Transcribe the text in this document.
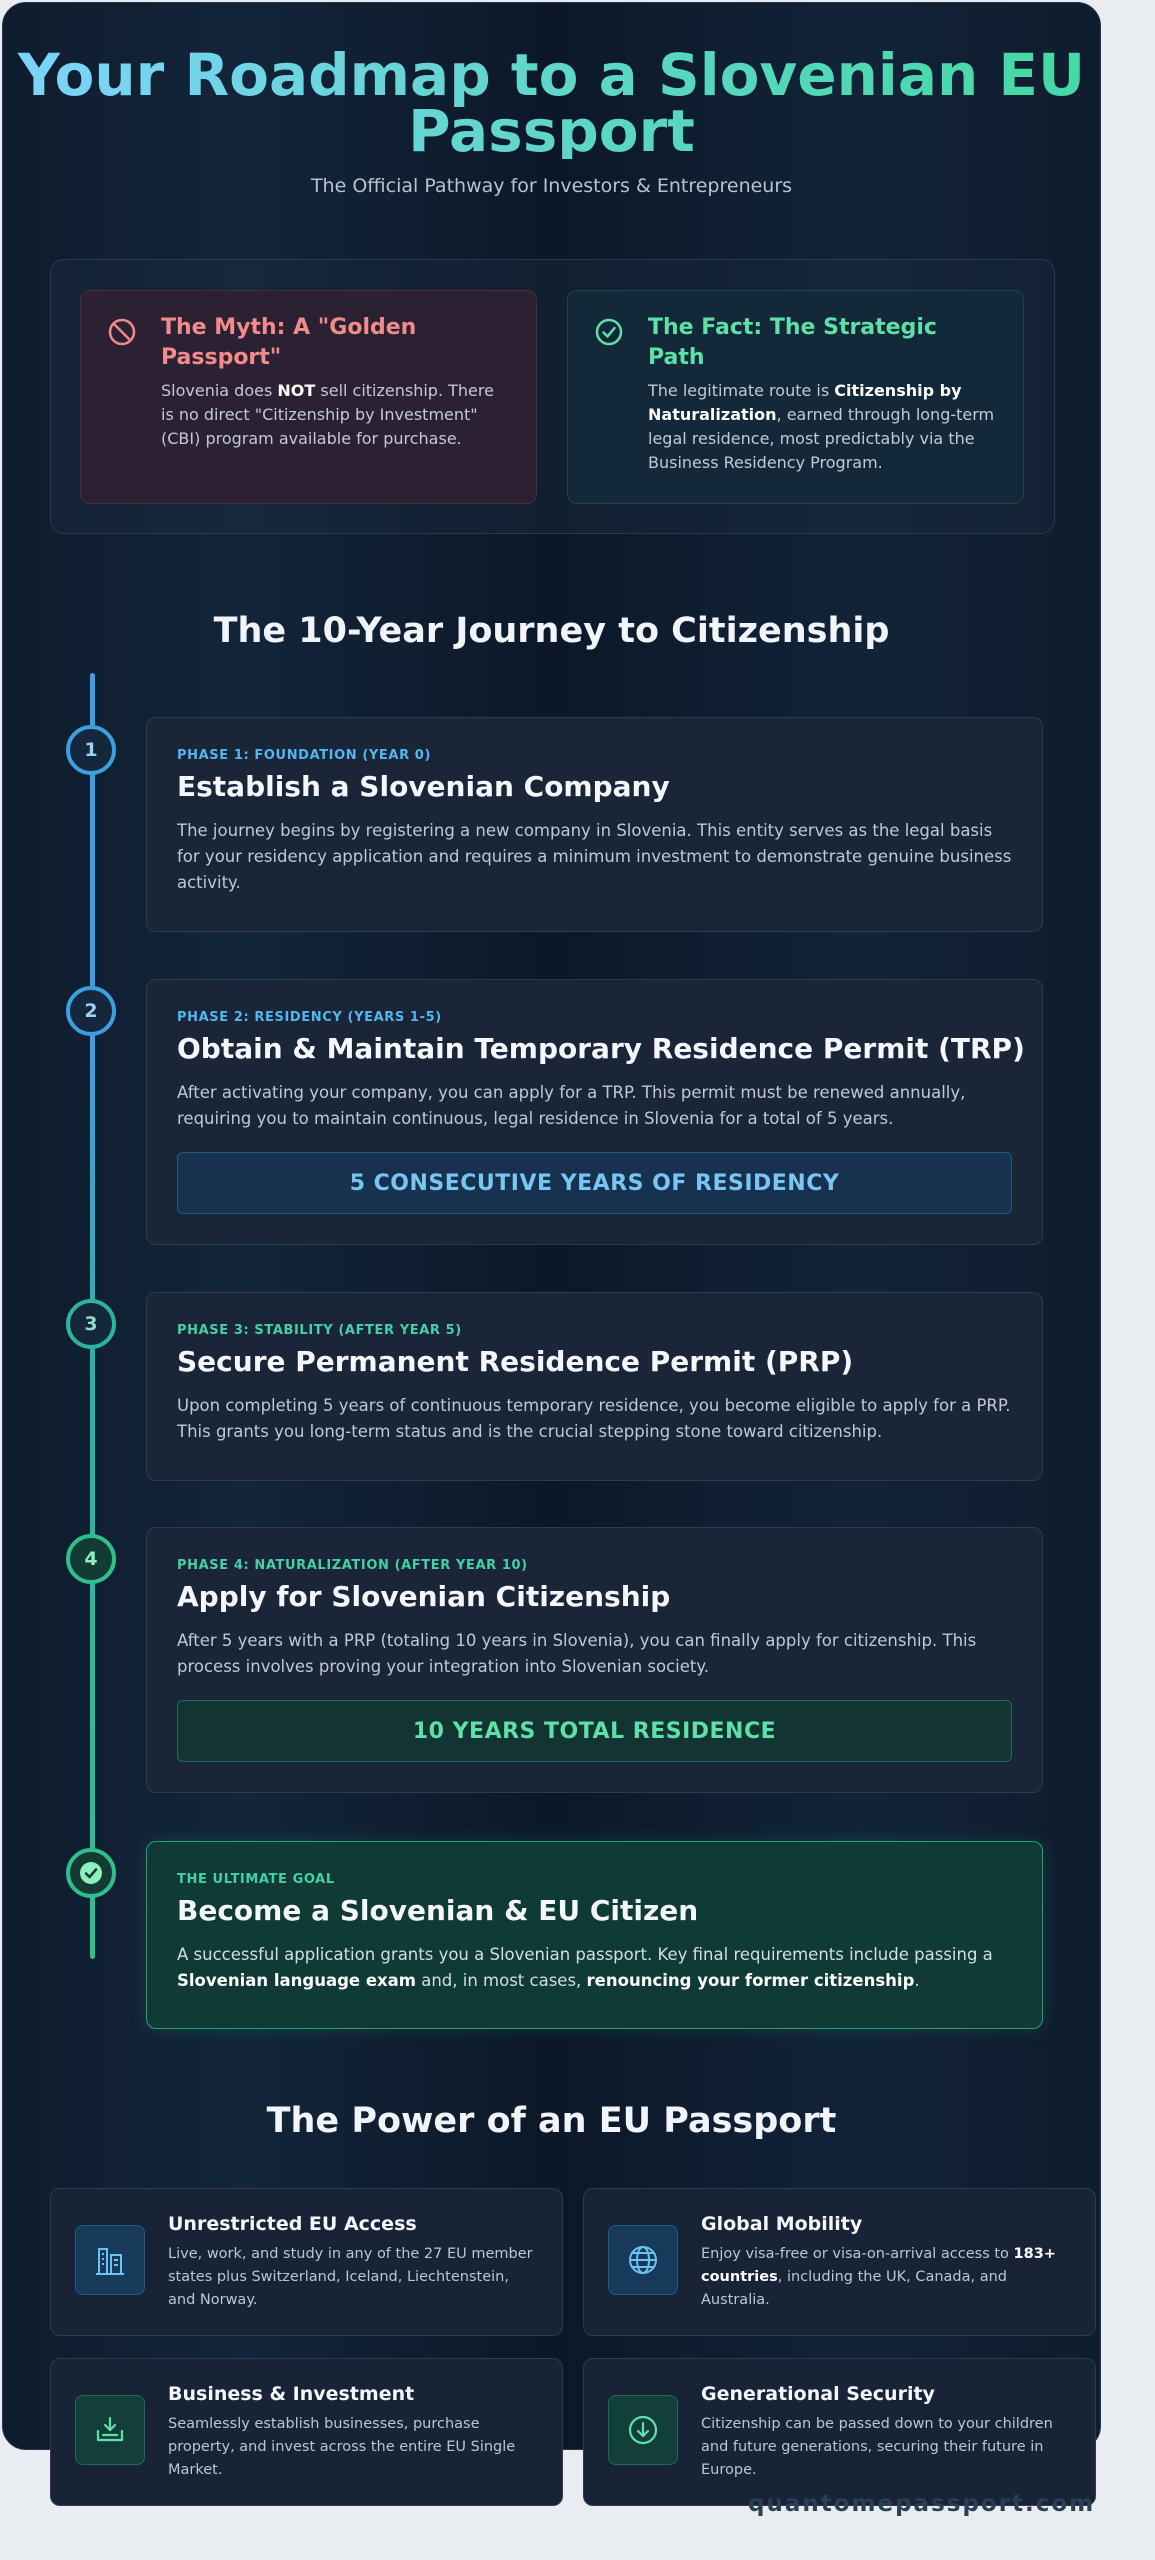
Your Roadmap to a Slovenian EU Passport
The Official Pathway for Investors & Entrepreneurs
The Myth: A "Golden Passport"
Slovenia does NOT sell citizenship. There is no direct "Citizenship by Investment" (CBI) program available for purchase.
The Fact: The Strategic Path
The legitimate route is Citizenship by Naturalization, earned through long-term legal residence, most predictably via the Business Residency Program.
The 10-Year Journey to Citizenship
1
2
3
4
PHASE 1: FOUNDATION (YEAR 0)
Establish a Slovenian Company
The journey begins by registering a new company in Slovenia. This entity serves as the legal basis for your residency application and requires a minimum investment to demonstrate genuine business activity.
PHASE 2: RESIDENCY (YEARS 1-5)
Obtain & Maintain Temporary Residence Permit (TRP)
After activating your company, you can apply for a TRP. This permit must be renewed annually, requiring you to maintain continuous, legal residence in Slovenia for a total of 5 years.
5 CONSECUTIVE YEARS OF RESIDENCY
PHASE 3: STABILITY (AFTER YEAR 5)
Secure Permanent Residence Permit (PRP)
Upon completing 5 years of continuous temporary residence, you become eligible to apply for a PRP. This grants you long-term status and is the crucial stepping stone toward citizenship.
PHASE 4: NATURALIZATION (AFTER YEAR 10)
Apply for Slovenian Citizenship
After 5 years with a PRP (totaling 10 years in Slovenia), you can finally apply for citizenship. This process involves proving your integration into Slovenian society.
10 YEARS TOTAL RESIDENCE
THE ULTIMATE GOAL
Become a Slovenian & EU Citizen
A successful application grants you a Slovenian passport. Key final requirements include passing a Slovenian language exam and, in most cases, renouncing your former citizenship.
The Power of an EU Passport
Unrestricted EU Access
Live, work, and study in any of the 27 EU member states plus Switzerland, Iceland, Liechtenstein, and Norway.
Global Mobility
Enjoy visa-free or visa-on-arrival access to 183+ countries, including the UK, Canada, and Australia.
Business & Investment
Seamlessly establish businesses, purchase property, and invest across the entire EU Single Market.
Generational Security
Citizenship can be passed down to your children and future generations, securing their future in Europe.
quantomepassport.com
